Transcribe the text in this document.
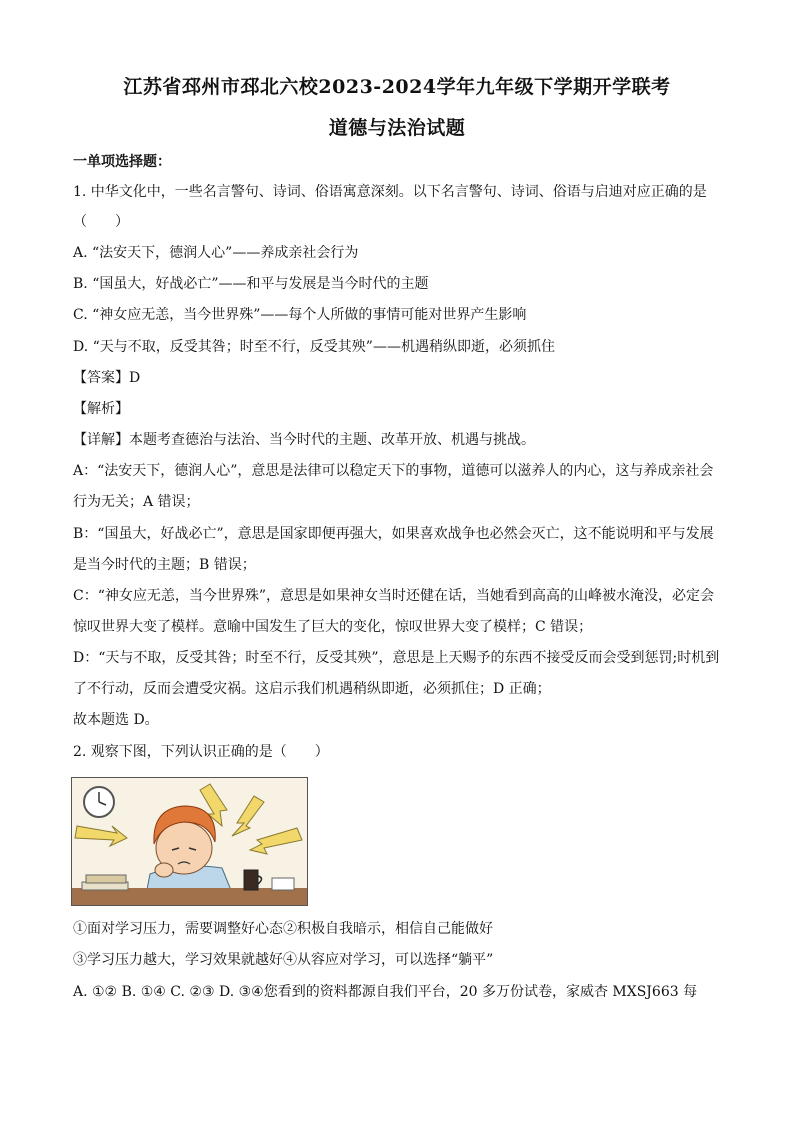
江苏省邳州市邳北六校2023-2024学年九年级下学期开学联考
道德与法治试题
一单项选择题：
1. 中华文化中，一些名言警句、诗词、俗语寓意深刻。以下名言警句、诗词、俗语与启迪对应正确的是
（　　）
A. “法安天下，德润人心”——养成亲社会行为
B. “国虽大，好战必亡”——和平与发展是当今时代的主题
C. “神女应无恙，当今世界殊”——每个人所做的事情可能对世界产生影响
D. “天与不取，反受其咎；时至不行，反受其殃”——机遇稍纵即逝，必须抓住
【答案】D
【解析】
【详解】本题考查德治与法治、当今时代的主题、改革开放、机遇与挑战。
A：“法安天下，德润人心”，意思是法律可以稳定天下的事物，道德可以滋养人的内心，这与养成亲社会
行为无关；A 错误；
B：“国虽大，好战必亡”，意思是国家即便再强大，如果喜欢战争也必然会灭亡，这不能说明和平与发展
是当今时代的主题；B 错误；
C：“神女应无恙，当今世界殊”，意思是如果神女当时还健在话，当她看到高高的山峰被水淹没，必定会
惊叹世界大变了模样。意喻中国发生了巨大的变化，惊叹世界大变了模样；C 错误；
D：“天与不取，反受其咎；时至不行，反受其殃”，意思是上天赐予的东西不接受反而会受到惩罚;时机到
了不行动，反而会遭受灾祸。这启示我们机遇稍纵即逝，必须抓住；D 正确；
故本题选 D。
2. 观察下图，下列认识正确的是（　　）
①面对学习压力，需要调整好心态②积极自我暗示，相信自己能做好
③学习压力越大，学习效果就越好④从容应对学习，可以选择“躺平”
A. ①② B. ①④ C. ②③ D. ③④您看到的资料都源自我们平台，20 多万份试卷，家威杏 MXSJ663 每
